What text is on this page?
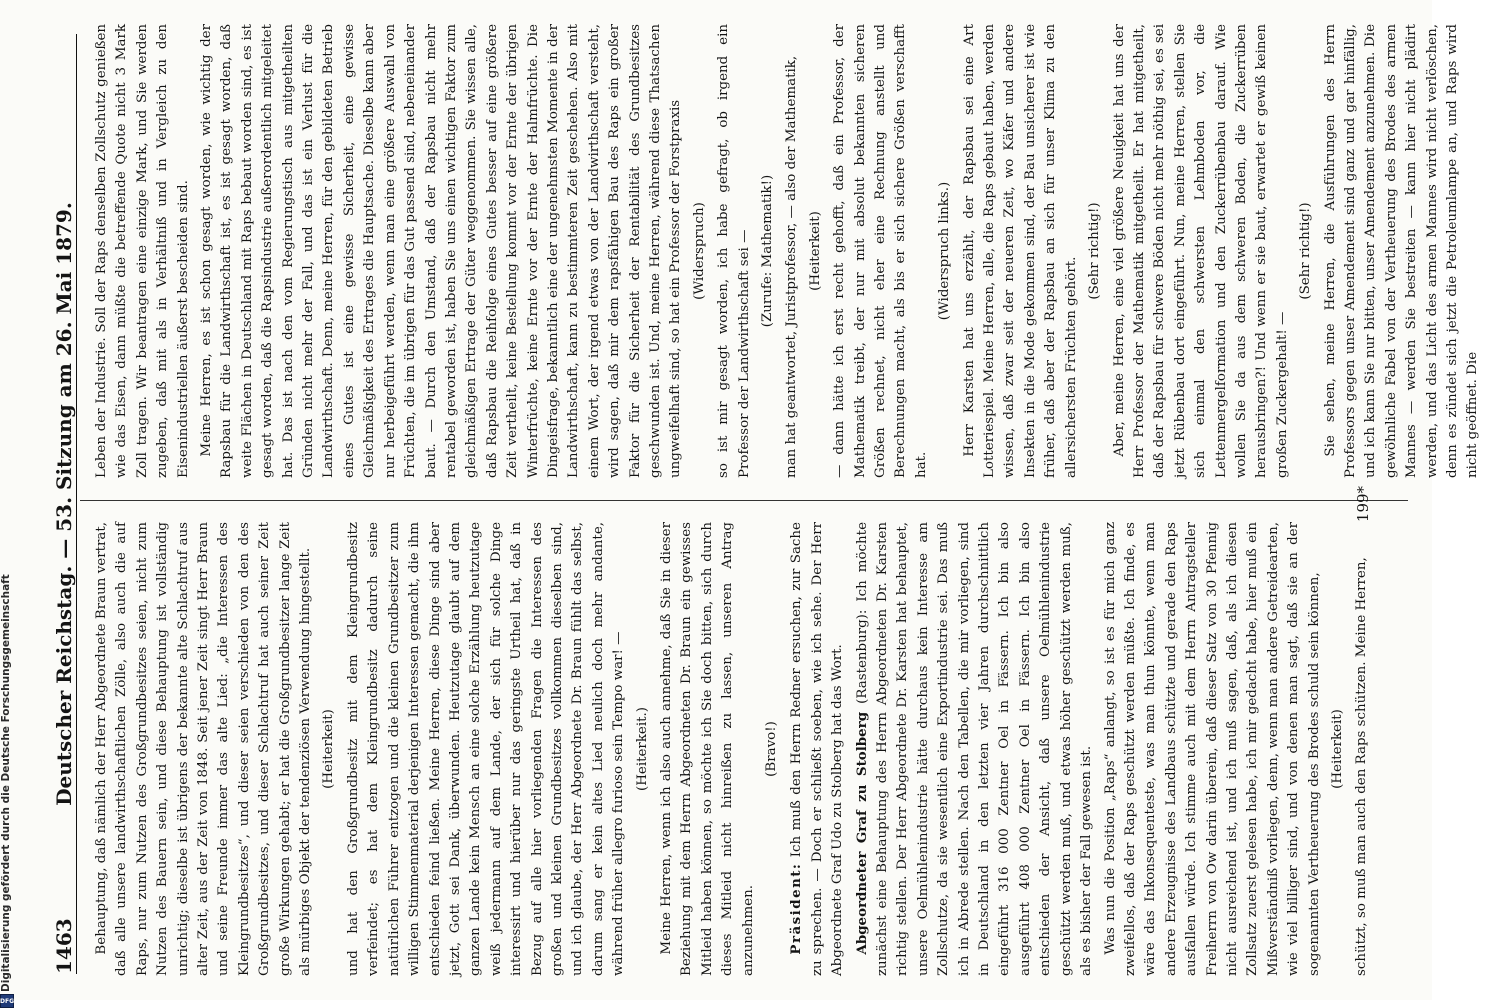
1463
Deutscher Reichstag. — 53. Sitzung am 26. Mai 1879. Behauptung, daß nämlich der Herr Abgeordnete Braun vertrat, daß alle unsere landwirthschaftlichen Zölle, also auch die auf Raps, nur zum Nutzen des Großgrundbesitzes seien, nicht zum Nutzen des Bauern sein, und diese Behauptung ist vollständig unrichtig; dieselbe ist übrigens der bekannte alte Schlachtruf aus alter Zeit, aus der Zeit von 1848. Seit jener Zeit singt Herr Braun und seine Freunde immer das alte Lied: „die Interessen des Kleingrundbesitzes“, und dieser seien verschieden von den des Großgrundbesitzes, und dieser Schlachtruf hat auch seiner Zeit große Wirkungen gehabt; er hat die Großgrundbesitzer lange Zeit als mürbiges Objekt der tendenziösen Verwendung hingestellt. (Heiterkeit) und hat den Großgrundbesitz mit dem Kleingrundbesitz verfeindet; es hat dem Kleingrundbesitz dadurch seine natürlichen Führer entzogen und die kleinen Grundbesitzer zum willigen Stimmenmaterial derjenigen Interessen gemacht, die ihm entschieden feind ließen. Meine Herren, diese Dinge sind aber jetzt, Gott sei Dank, überwunden. Heutzutage glaubt auf dem ganzen Lande kein Mensch an eine solche Erzählung heutzutage weiß jedermann auf dem Lande, der sich für solche Dinge interessirt und hierüber nur das geringste Urtheil hat, daß in Bezug auf alle hier vorliegenden Fragen die Interessen des großen und kleinen Grundbesitzes vollkommen dieselben sind, und ich glaube, der Herr Abgeordnete Dr. Braun fühlt das selbst, darum sang er kein altes Lied neulich doch mehr andante, während früher allegro furioso sein Tempo war! — (Heiterkeit.) Meine Herren, wenn ich also auch annehme, daß Sie in dieser Beziehung mit dem Herrn Abgeordneten Dr. Braun ein gewisses Mitleid haben können, so möchte ich Sie doch bitten, sich durch dieses Mitleid nicht hinreißen zu lassen, unseren Antrag anzunehmen.

(Bravo!)

Präsident: Ich muß den Herrn Redner ersuchen, zur Sache zu sprechen. — Doch er schließt soeben, wie ich sehe. Der Herr Abgeordnete Graf Udo zu Stolberg hat das Wort. Abgeordneter Graf zu Stolberg (Rastenburg): Ich möchte zunächst eine Behauptung des Herrn Abgeordneten Dr. Karsten richtig stellen. Der Herr Abgeordnete Dr. Karsten hat behauptet, unsere Oelmühlenindustrie hätte durchaus kein Interesse am Zollschutze, da sie wesentlich eine Exportindustrie sei. Das muß ich in Abrede stellen. Nach den Tabellen, die mir vorliegen, sind in Deutschland in den letzten vier Jahren durchschnittlich eingeführt 316 000 Zentner Oel in Fässern. Ich bin also ausgeführt 408 000 Zentner Oel in Fässern. Ich bin also entschieden der Ansicht, daß unsere Oelmühlenindustrie geschützt werden muß, und etwas höher geschützt werden muß, als es bisher der Fall gewesen ist. Was nun die Position „Raps“ anlangt, so ist es für mich ganz zweifellos, daß der Raps geschützt werden müßte. Ich finde, es wäre das Inkonsequenteste, was man thun könnte, wenn man andere Erzeugnisse des Landbaus schützte und gerade den Raps ausfallen würde. Ich stimme auch mit dem Herrn Antragsteller Freiherrn von Ow darin überein, daß dieser Satz von 30 Pfennig nicht ausreichend ist, und ich muß sagen, daß, als ich diesen Zollsatz zuerst gelesen habe, ich mir gedacht habe, hier muß ein Mißverständniß vorliegen, denn, wenn man andere Getreidearten, wie viel billiger sind, und von denen man sagt, daß sie an der sogenannten Vertheuerung des Brodes schuld sein können, (Heiterkeit) schützt, so muß man auch den Raps schützen. Meine Herren,

Leben der Industrie. Soll der Raps denselben Zollschutz genießen wie das Eisen, dann müßte die betreffende Quote nicht 3 Mark Zoll tragen. Wir beantragen eine einzige Mark, und Sie werden zugeben, daß mit als in Verhältniß und in Vergleich zu den Eisenindustriellen äußerst bescheiden sind. Meine Herren, es ist schon gesagt worden, wie wichtig der Rapsbau für die Landwirthschaft ist, es ist gesagt worden, daß weite Flächen in Deutschland mit Raps bebaut worden sind, es ist gesagt worden, daß die Rapsindustrie außerordentlich mitgeleitet hat. Das ist nach den vom Regierungstisch aus mitgetheilten Gründen nicht mehr der Fall, und das ist ein Verlust für die Landwirthschaft. Denn, meine Herren, für den gebildeten Betrieb eines Gutes ist eine gewisse Sicherheit, eine gewisse Gleichmäßigkeit des Ertrages die Hauptsache. Dieselbe kann aber nur herbeigeführt werden, wenn man eine größere Auswahl von Früchten, die im übrigen für das Gut passend sind, nebeneinander baut. — Durch den Umstand, daß der Rapsbau nicht mehr rentabel geworden ist, haben Sie uns einen wichtigen Faktor zum gleichmäßigen Ertrage der Güter weggenommen. Sie wissen alle, daß Rapsbau die Reihfolge eines Gutes besser auf eine größere Zeit vertheilt, keine Bestellung kommt vor der Ernte der übrigen Winterfrüchte, keine Ernte vor der Ernte der Halmfrüchte. Die Dingeisfrage, bekanntlich eine der ungenehmsten Momente in der Landwirthschaft, kann zu bestimmteren Zeit geschehen. Also mit einem Wort, der irgend etwas von der Landwirthschaft versteht, wird sagen, daß mir dem rapsfähigen Bau des Raps ein großer Faktor für die Sicherheit der Rentabilität des Grundbesitzes geschwunden ist. Und, meine Herren, während diese Thatsachen ungweifelhaft sind, so hat ein Professor der Forstpraxis (Widerspruch) so ist mir gesagt worden, ich habe gefragt, ob irgend ein Professor der Landwirthschaft sei — (Zurufe: Mathematik!) man hat geantwortet, Juristprofessor, — also der Mathematik, (Heiterkeit) — dann hätte ich erst recht gehofft, daß ein Professor, der Mathematik treibt, der nur mit absolut bekannten sicheren Größen rechnet, nicht eher eine Rechnung anstellt und Berechnungen macht, als bis er sich sichere Größen verschafft hat.

(Widerspruch links.) Herr Karsten hat uns erzählt, der Rapsbau sei eine Art Lotteriespiel. Meine Herren, alle, die Raps gebaut haben, werden wissen, daß zwar seit der neueren Zeit, wo Käfer und andere Insekten in die Mode gekommen sind, der Bau unsicherer ist wie früher, daß aber der Rapsbau an sich für unser Klima zu den allersichersten Früchten gehört.

(Sehr richtig!) Aber, meine Herren, eine viel größere Neuigkeit hat uns der Herr Professor der Mathematik mitgetheilt. Er hat mitgetheilt, daß der Rapsbau für schwere Böden nicht mehr nöthig sei, es sei jetzt Rübenbau dort eingeführt. Nun, meine Herren, stellen Sie sich einmal den schwersten Lehmboden vor, die Lettenmergelformation und den Zuckerrübenbau darauf. Wie wollen Sie da aus dem schweren Boden, die Zuckerrüben herausbringen?! Und wenn er sie baut, erwartet er gewiß keinen großen Zuckergehalt! —

(Sehr richtig!) Sie sehen, meine Herren, die Ausführungen des Herrn Professors gegen unser Amendement sind ganz und gar hinfällig, und ich kann Sie nur bitten, unser Amendement anzunehmen. Die gewöhnliche Fabel von der Vertheuerung des Brodes des armen Mannes — werden Sie bestreiten — kann hier nicht plädirt werden, und das Licht des armen Mannes wird nicht verlöschen, denn es zündet sich jetzt die Petroleumlampe an, und Raps wird nicht geöffnet. Die

199*
Digitalisierung gefördert durch die Deutsche Forschungsgemeinschaft
DFG
